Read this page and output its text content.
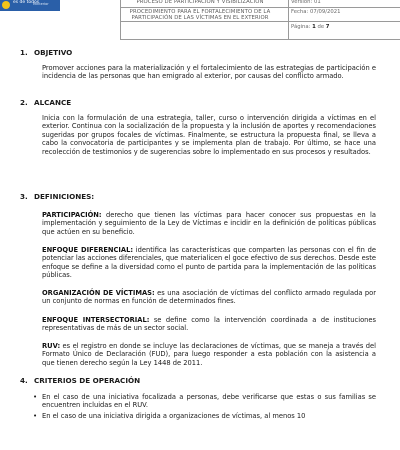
es de todos
Minterior	PROCESO DE PARTICIPACIÓN Y VISIBILIZACIÓN
PROCEDIMIENTO PARA EL FORTALECIMIENTO DE LA
PARTICIPACIÓN DE LAS VÍCTIMAS EN EL EXTERIOR
Versión: 01
Fecha: 07/09/2021
Página: 1 de 7
1. OBJETIVO
Promover acciones para la materialización y el fortalecimiento de las estrategias de participación e incidencia de las personas que han emigrado al exterior, por causas del conflicto armado.
2. ALCANCE
Inicia con la formulación de una estrategia, taller, curso o intervención dirigida a víctimas en el exterior. Continua con la socialización de la propuesta y la inclusión de aportes y recomendaciones sugeridas por grupos focales de víctimas. Finalmente, se estructura la propuesta final, se lleva a cabo la convocatoria de participantes y se implementa plan de trabajo. Por último, se hace una recolección de testimonios y de sugerencias sobre lo implementado en sus procesos y resultados.
3. DEFINICIONES:
PARTICIPACIÓN: derecho que tienen las víctimas para hacer conocer sus propuestas en la implementación y seguimiento de la Ley de Víctimas e incidir en la definición de políticas públicas que actúen en su beneficio.
ENFOQUE DIFERENCIAL: identifica las características que comparten las personas con el fin de potenciar las acciones diferenciales, que materialicen el goce efectivo de sus derechos. Desde este enfoque se define a la diversidad como el punto de partida para la implementación de las políticas públicas.
ORGANIZACIÓN DE VÍCTIMAS: es una asociación de víctimas del conflicto armado regulada por un conjunto de normas en función de determinados fines.
ENFOQUE INTERSECTORIAL: se define como la intervención coordinada a de instituciones representativas de más de un sector social.
RUV: es el registro en donde se incluye las declaraciones de víctimas, que se maneja a través del Formato Único de Declaración (FUD), para luego responder a esta población con la asistencia a que tienen derecho según la Ley 1448 de 2011.
4. CRITERIOS DE OPERACIÓN
• En el caso de una iniciativa focalizada a personas, debe verificarse que estas o sus familias se encuentren incluidas en el RUV.
• En el caso de una iniciativa dirigida a organizaciones de víctimas, al menos 10
